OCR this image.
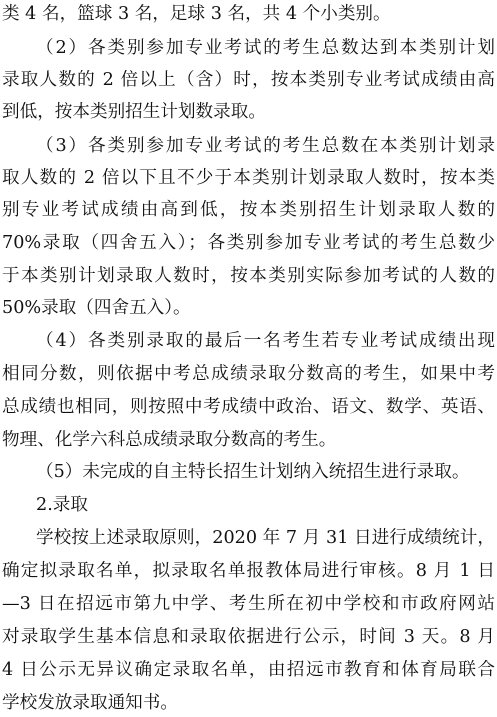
类 4 名，篮球 3 名，足球 3 名，共 4 个小类别。
（2）各类别参加专业考试的考生总数达到本类别计划
录取人数的 2 倍以上（含）时，按本类别专业考试成绩由高
到低，按本类别招生计划数录取。
（3）各类别参加专业考试的考生总数在本类别计划录
取人数的 2 倍以下且不少于本类别计划录取人数时，按本类
别专业考试成绩由高到低，按本类别招生计划录取人数的
70%录取（四舍五入）；各类别参加专业考试的考生总数少
于本类别计划录取人数时，按本类别实际参加考试的人数的
50%录取（四舍五入）。
（4）各类别录取的最后一名考生若专业考试成绩出现
相同分数，则依据中考总成绩录取分数高的考生，如果中考
总成绩也相同，则按照中考成绩中政治、语文、数学、英语、
物理、化学六科总成绩录取分数高的考生。
（5）未完成的自主特长招生计划纳入统招生进行录取。
2.录取
学校按上述录取原则，2020 年 7 月 31 日进行成绩统计，
确定拟录取名单，拟录取名单报教体局进行审核。8 月 1 日
—3 日在招远市第九中学、考生所在初中学校和市政府网站
对录取学生基本信息和录取依据进行公示，时间 3 天。8 月
4 日公示无异议确定录取名单，由招远市教育和体育局联合
学校发放录取通知书。
